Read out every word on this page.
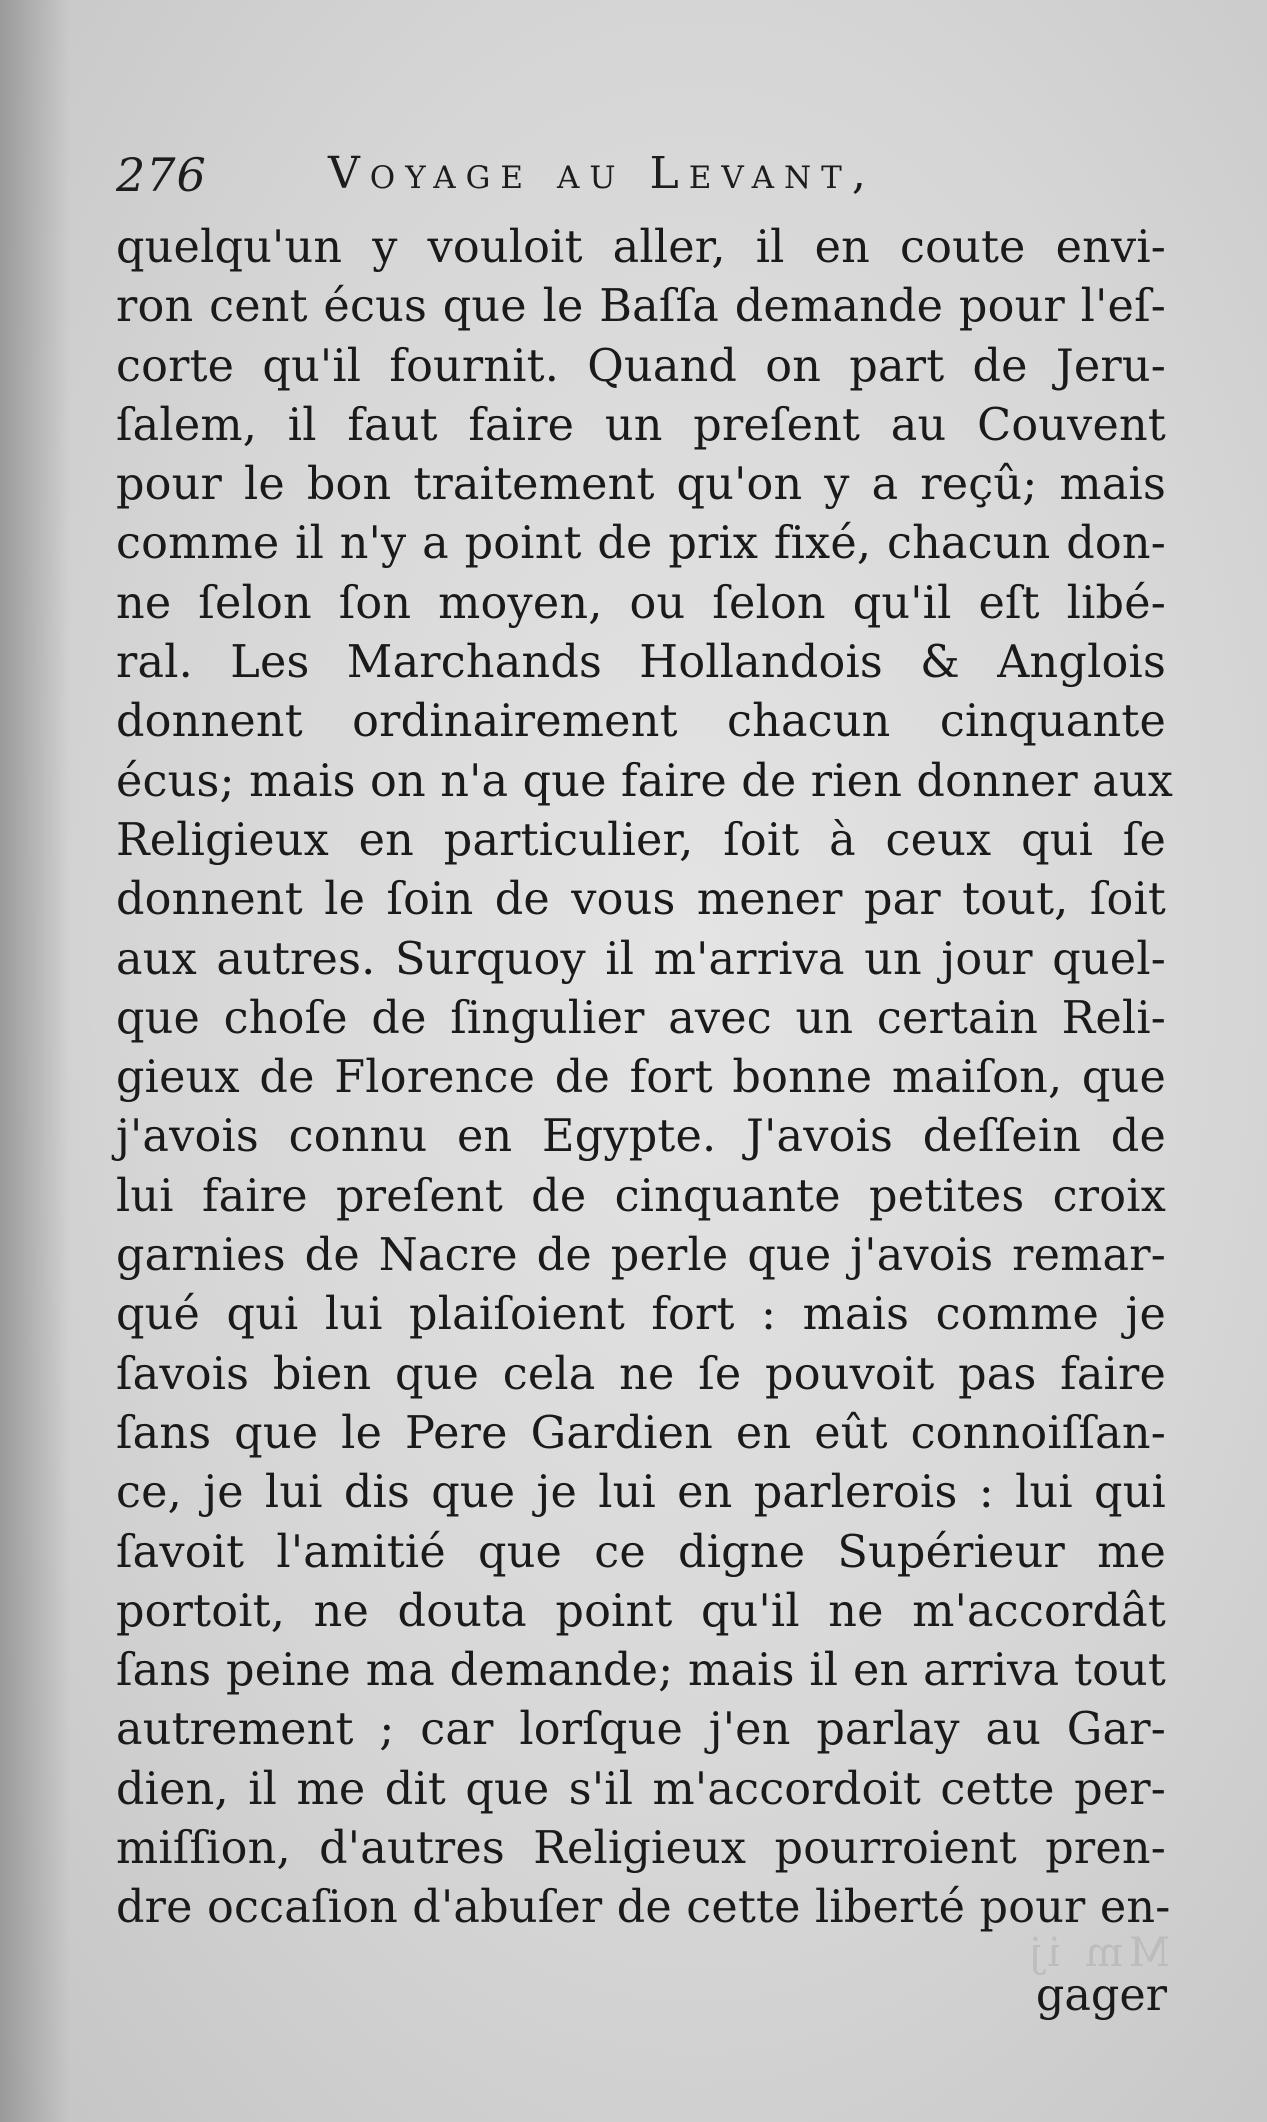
Mm ij
276	Voyage au Levant,
quelqu'un y vouloit aller, il en coute envi-
ron cent écus que le Baſſa demande pour l'eſ-
corte qu'il fournit. Quand on part de Jeru-
ſalem, il faut faire un preſent au Couvent
pour le bon traitement qu'on y a reçû; mais
comme il n'y a point de prix fixé, chacun don-
ne ſelon ſon moyen, ou ſelon qu'il eſt libé-
ral. Les Marchands Hollandois & Anglois
donnent ordinairement chacun cinquante
écus; mais on n'a que faire de rien donner aux
Religieux en particulier, ſoit à ceux qui ſe
donnent le ſoin de vous mener par tout, ſoit
aux autres. Surquoy il m'arriva un jour quel-
que choſe de ſingulier avec un certain Reli-
gieux de Florence de fort bonne maiſon, que
j'avois connu en Egypte. J'avois deſſein de
lui faire preſent de cinquante petites croix
garnies de Nacre de perle que j'avois remar-
qué qui lui plaiſoient fort : mais comme je
ſavois bien que cela ne ſe pouvoit pas faire
ſans que le Pere Gardien en eût connoiſſan-
ce, je lui dis que je lui en parlerois : lui qui
ſavoit l'amitié que ce digne Supérieur me
portoit, ne douta point qu'il ne m'accordât
ſans peine ma demande; mais il en arriva tout
autrement ; car lorſque j'en parlay au Gar-
dien, il me dit que s'il m'accordoit cette per-
miſſion, d'autres Religieux pourroient pren-
dre occaſion d'abuſer de cette liberté pour en-
gager
